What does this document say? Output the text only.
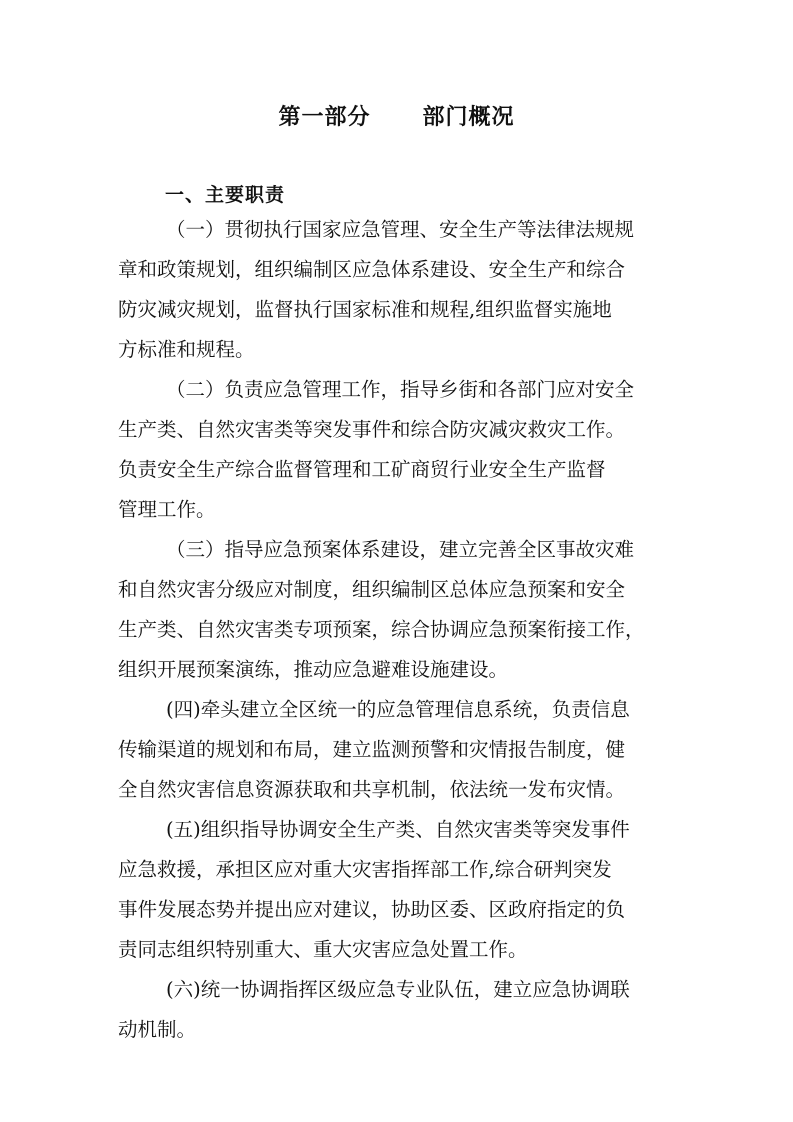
第一部分      部门概况
一、主要职责
（一）贯彻执行国家应急管理、安全生产等法律法规规
章和政策规划，组织编制区应急体系建设、安全生产和综合
防灾减灾规划，监督执行国家标准和规程,组织监督实施地
方标准和规程。
（二）负责应急管理工作，指导乡街和各部门应对安全
生产类、自然灾害类等突发事件和综合防灾减灾救灾工作。
负责安全生产综合监督管理和工矿商贸行业安全生产监督
管理工作。
（三）指导应急预案体系建设，建立完善全区事故灾难
和自然灾害分级应对制度，组织编制区总体应急预案和安全
生产类、自然灾害类专项预案，综合协调应急预案衔接工作，
组织开展预案演练，推动应急避难设施建设。
(四)牵头建立全区统一的应急管理信息系统，负责信息
传输渠道的规划和布局，建立监测预警和灾情报告制度，健
全自然灾害信息资源获取和共享机制，依法统一发布灾情。
(五)组织指导协调安全生产类、自然灾害类等突发事件
应急救援，承担区应对重大灾害指挥部工作,综合研判突发
事件发展态势并提出应对建议，协助区委、区政府指定的负
责同志组织特别重大、重大灾害应急处置工作。
(六)统一协调指挥区级应急专业队伍，建立应急协调联
动机制。
